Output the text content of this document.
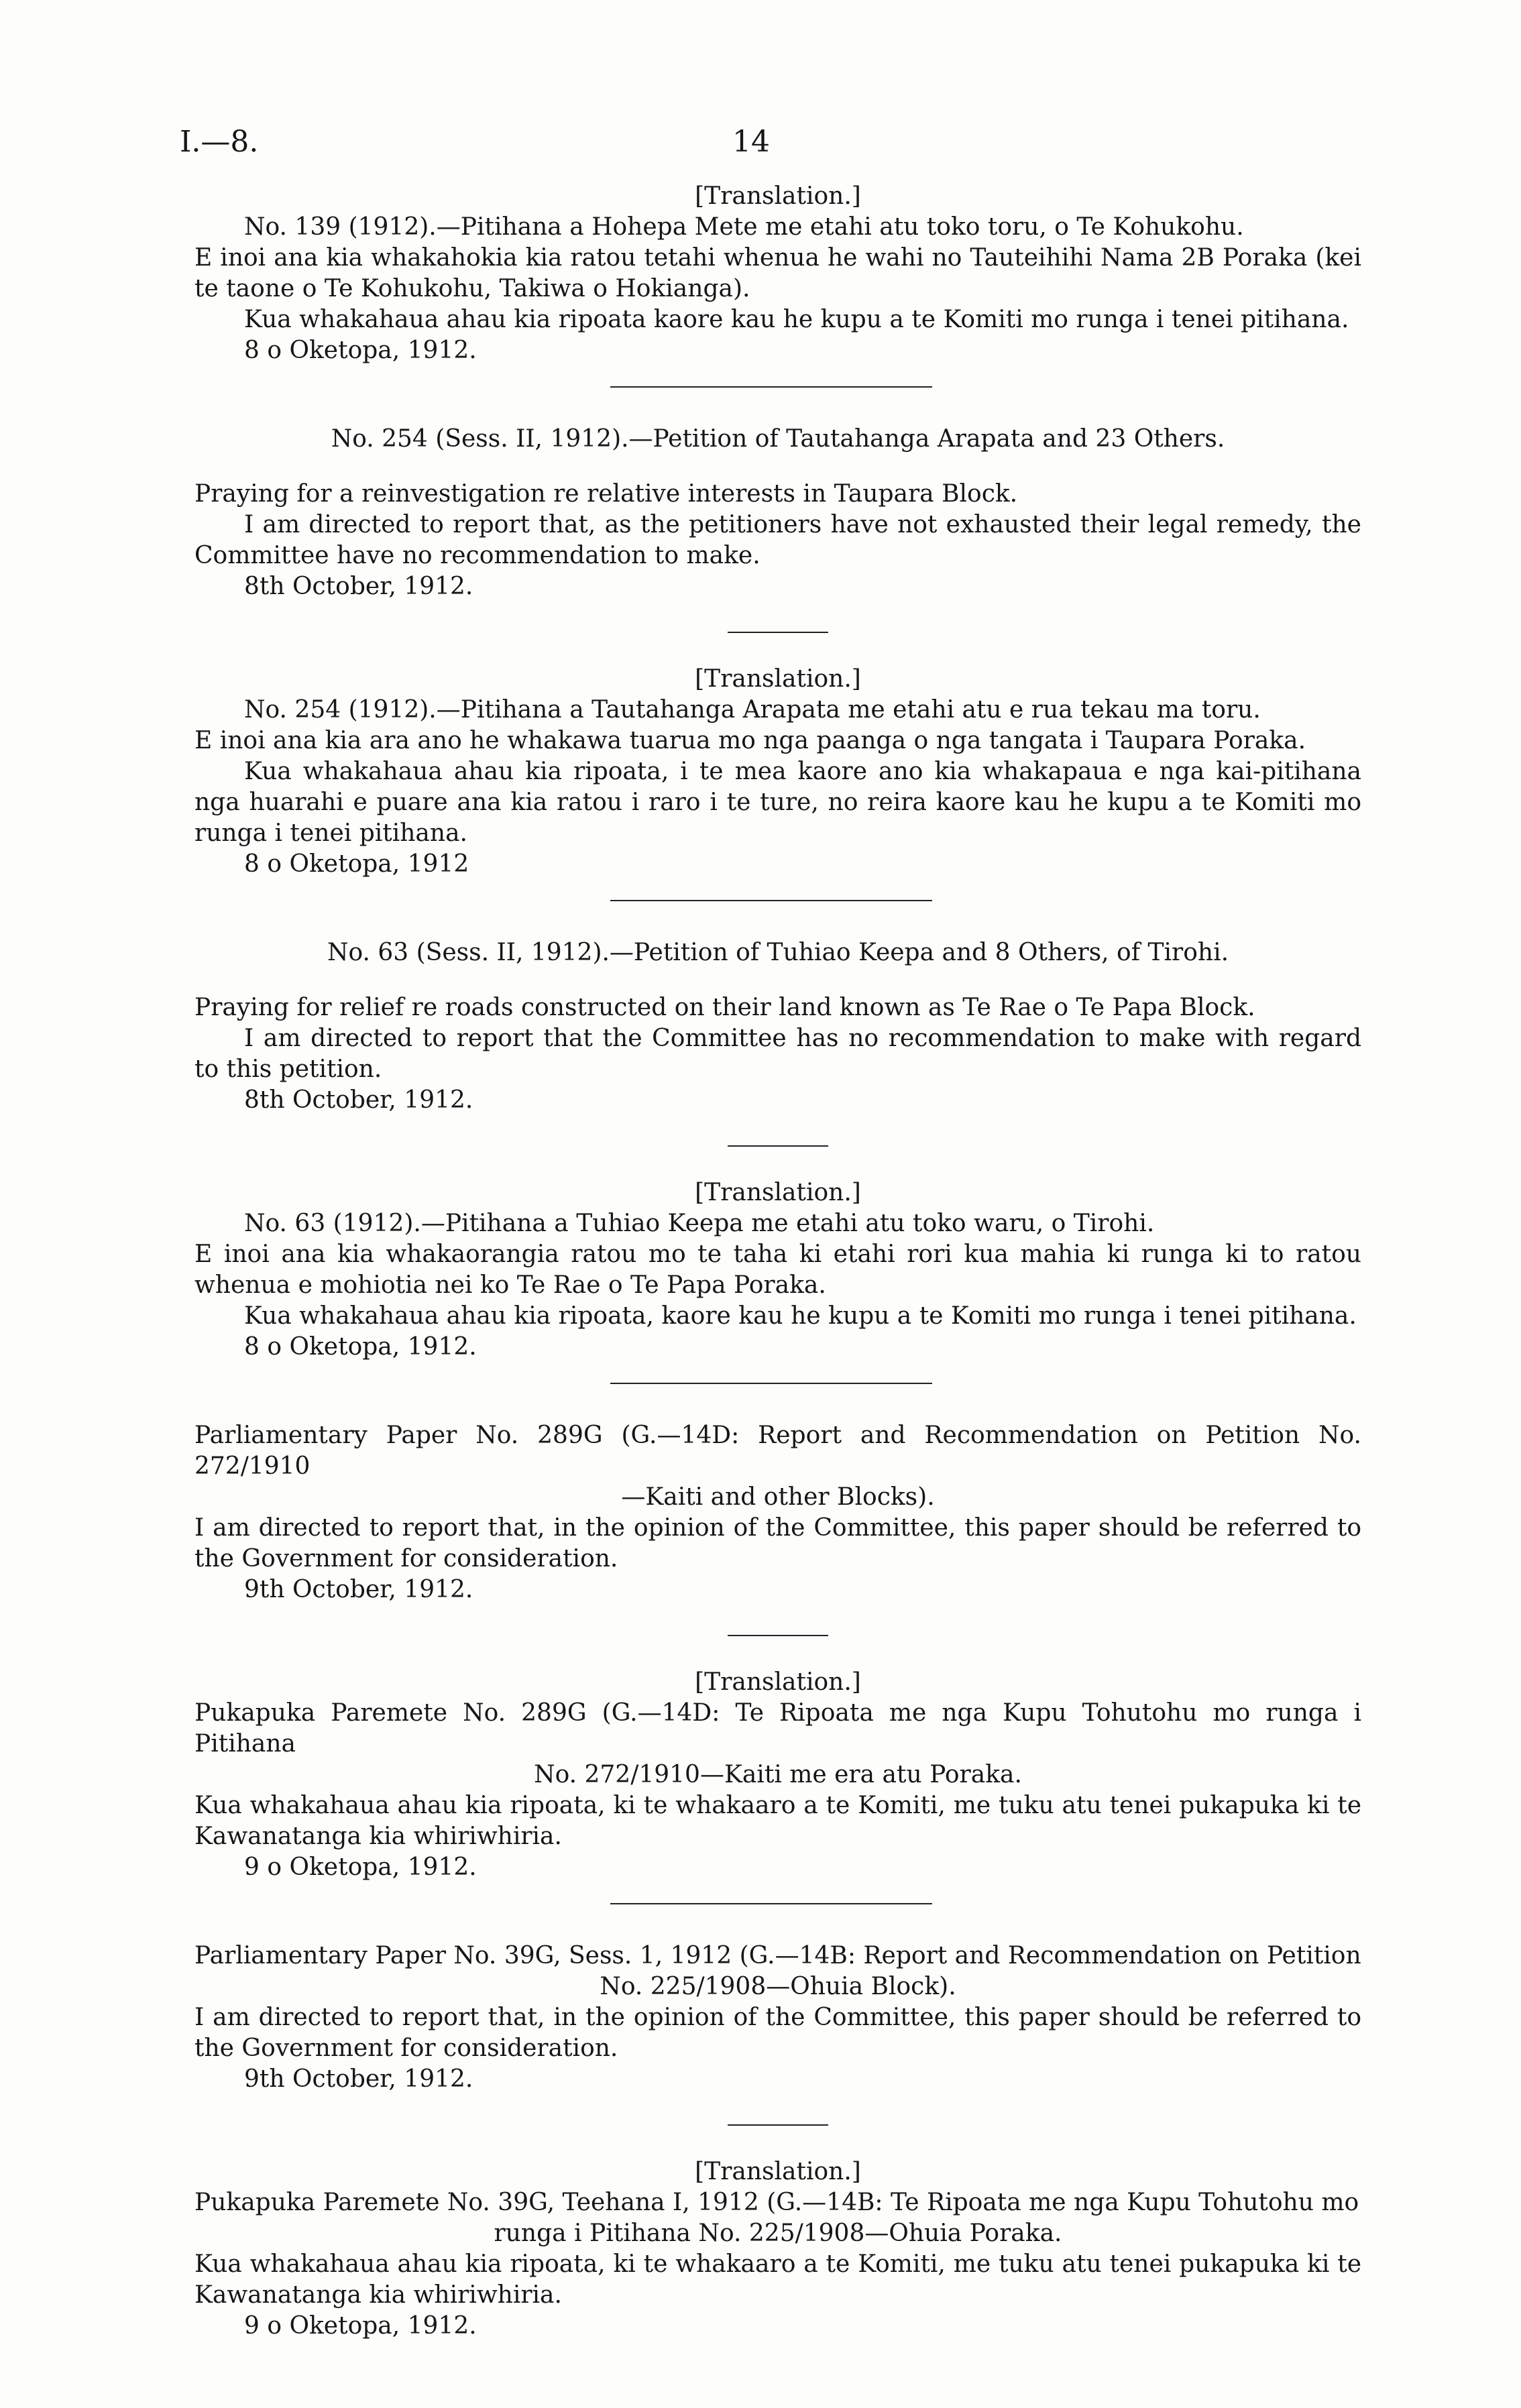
I.—8.	14

[Translation.]

No. 139 (1912).—Pitihana a Hohepa Mete me etahi atu toko toru, o Te Kohukohu.

E inoi ana kia whakahokia kia ratou tetahi whenua he wahi no Tauteihihi Nama 2B Poraka (kei te taone o Te Kohukohu, Takiwa o Hokianga).

Kua whakahaua ahau kia ripoata kaore kau he kupu a te Komiti mo runga i tenei pitihana.

8 o Oketopa, 1912.

No. 254 (Sess. II, 1912).—Petition of Tautahanga Arapata and 23 Others.

Praying for a reinvestigation re relative interests in Taupara Block.

I am directed to report that, as the petitioners have not exhausted their legal remedy, the Committee have no recommendation to make.

8th October, 1912.

[Translation.]

No. 254 (1912).—Pitihana a Tautahanga Arapata me etahi atu e rua tekau ma toru.

E inoi ana kia ara ano he whakawa tuarua mo nga paanga o nga tangata i Taupara Poraka.

Kua whakahaua ahau kia ripoata, i te mea kaore ano kia whakapaua e nga kai-pitihana nga huarahi e puare ana kia ratou i raro i te ture, no reira kaore kau he kupu a te Komiti mo runga i tenei pitihana.

8 o Oketopa, 1912

No. 63 (Sess. II, 1912).—Petition of Tuhiao Keepa and 8 Others, of Tirohi.

Praying for relief re roads constructed on their land known as Te Rae o Te Papa Block.

I am directed to report that the Committee has no recommendation to make with regard to this petition.

8th October, 1912.

[Translation.]

No. 63 (1912).—Pitihana a Tuhiao Keepa me etahi atu toko waru, o Tirohi.

E inoi ana kia whakaorangia ratou mo te taha ki etahi rori kua mahia ki runga ki to ratou whenua e mohiotia nei ko Te Rae o Te Papa Poraka.

Kua whakahaua ahau kia ripoata, kaore kau he kupu a te Komiti mo runga i tenei pitihana.

8 o Oketopa, 1912.

Parliamentary Paper No. 289G (G.—14D: Report and Recommendation on Petition No. 272/1910
—Kaiti and other Blocks).

I am directed to report that, in the opinion of the Committee, this paper should be referred to the Government for consideration.

9th October, 1912.

[Translation.]

Pukapuka Paremete No. 289G (G.—14D: Te Ripoata me nga Kupu Tohutohu mo runga i Pitihana
No. 272/1910—Kaiti me era atu Poraka.

Kua whakahaua ahau kia ripoata, ki te whakaaro a te Komiti, me tuku atu tenei pukapuka ki te Kawanatanga kia whiriwhiria.

9 o Oketopa, 1912.

Parliamentary Paper No. 39G, Sess. 1, 1912 (G.—14B: Report and Recommendation on Petition
No. 225/1908—Ohuia Block).

I am directed to report that, in the opinion of the Committee, this paper should be referred to the Government for consideration.

9th October, 1912.

[Translation.]

Pukapuka Paremete No. 39G, Teehana I, 1912 (G.—14B: Te Ripoata me nga Kupu Tohutohu mo
runga i Pitihana No. 225/1908—Ohuia Poraka.

Kua whakahaua ahau kia ripoata, ki te whakaaro a te Komiti, me tuku atu tenei pukapuka ki te Kawanatanga kia whiriwhiria.

9 o Oketopa, 1912.
